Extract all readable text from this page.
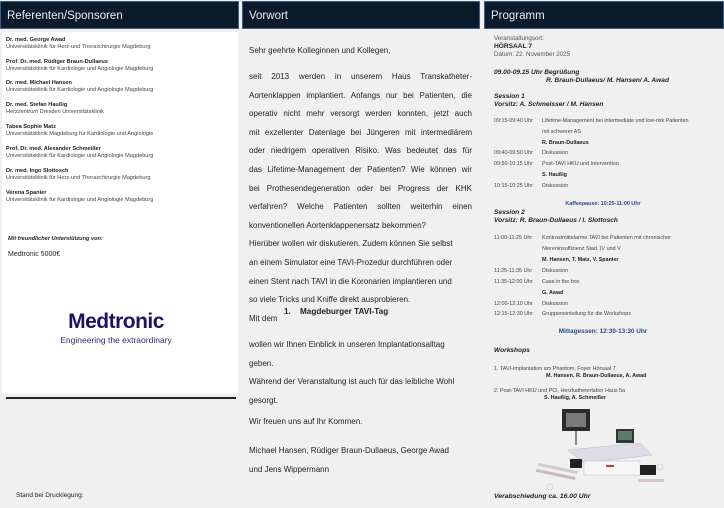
Referenten/Sponsoren
Dr. med. George Awad
Universitätsklinik für Herz-und Thoraxchirurgie Magdeburg
Prof. Dr. med. Rüdiger Braun-Dullaeus
Universitätsklinik für Kardiologie und Angiologie Magdeburg
Dr. med. Michael Hansen
Universitätsklinik für Kardiologie und Angiologie Magdeburg
Dr. med. Stefan Haußig
Herzzentrum Dresden Universitätsklinik
Tabea Sophie Matz
Universitätsklinik Magdeburg für Kardiologie und Angiologie
Prof. Dr. med. Alexander Schmeißer
Universitätsklinik für Kardiologie und Angiologie Magdeburg
Dr. med. Ingo Slottosch
Universitätsklinik für Herz-und Thoraxchirurgie Magdeburg
Verena Spanier
Universitätsklinik für Kardiologie und Angiologie Magdeburg
Mit freundlicher Unterstützung von:
Medtronic 5000€
Medtronic
Engineering the extraordinary
Stand bei Drucklegung:
Vorwort
Sehr geehrte Kolleginnen und Kollegen,

seit 2013 werden in unserem Haus Transkatheter-

Aortenklappen implantiert. Anfangs nur bei Patienten, die

operativ nicht mehr versorgt werden konnten, jetzt auch

mit exzellenter Datenlage bei Jüngeren mit intermediärem

oder niedrigem operativen Risiko. Was bedeutet das für

das Lifetime-Management der Patienten? Wie können wir

bei Prothesendegeneration oder bei Progress der KHK

verfahren? Welche Patienten sollten weiterhin einen

konventionellen Aortenklappenersatz bekommen?

Hierüber wollen wir diskutieren. Zudem können Sie selbst

an einem Simulator eine TAVI-Prozedur durchführen oder

einen Stent nach TAVI in die Koronarien implantieren und

so viele Tricks und Kniffe direkt ausprobieren.

Mit dem

1. Magdeburger TAVI-Tag

wollen wir Ihnen Einblick in unseren Implantationsalltag

geben.

Während der Veranstaltung ist auch für das leibliche Wohl

gesorgt.

Wir freuen uns auf Ihr Kommen.

Michael Hansen, Rüdiger Braun-Dullaeus, George Awad

und Jens Wippermann

Programm
Veranstaltungsort:
HÖRSAAL 7
Datum: 22. November 2025
09.00-09.15 Uhr Begrüßung
R. Braun-Dullaeus/ M. Hansen/ A. Awad
Session 1
Vorsitz: A. Schmeisser / M. Hansen
09:15-09:40 Uhr Lifetime-Management bei intermediate und low-risk Patienten
mit schwerer AS
R. Braun-Dullaeus
09:40-09:50 Uhr Diskussion
09:50-10:15 Uhr Post-TAVI HKU und Intervention
S. Haußig
10:15-10:25 Uhr Diskussion
Kaffeepause: 10:25-11:00 Uhr
Session 2
Vorsitz: R. Braun-Dullaeus / I. Slottosch
11:00-11:25 Uhr Kontrastmittelarme TAVI bei Patienten mit chronischer
Niereninsuffizienz Stad. IV und V
M. Hansen, T. Matz, V. Spanier
11:25-11:35 Uhr Diskussion
11:35-12:00 Uhr Case in the box
G. Awad
12:00-12:10 Uhr Diskussion
12:15-12:30 Uhr Gruppeneinteilung für die Workshops
Mittagessen: 12:30-13:30 Uhr
Workshops
1. TAVI-Implantation am Phantom, Foyer Hörsaal 7
M. Hansen, R. Braun-Dullaeus, A. Awad
2. Post-TAVI HKU und PCI, Herzkatheterlabor Haus 5a
S. Haußig, A. Schmeißer
Verabschiedung ca. 16.00 Uhr
